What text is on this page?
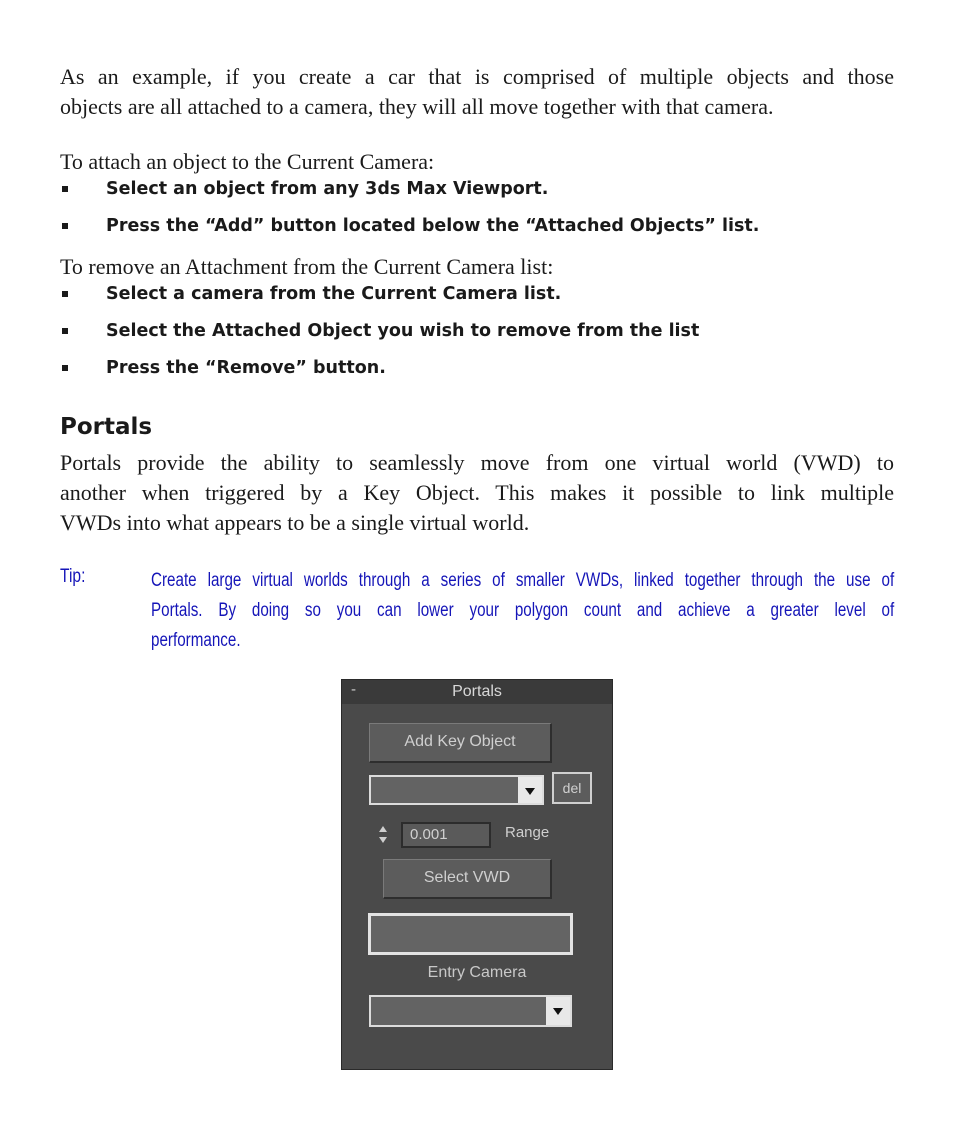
As an example, if you create a car that is comprised of multiple objects and those
objects are all attached to a camera, they will all move together with that camera.

To attach an object to the Current Camera:

Select an object from any 3ds Max Viewport.
Press the “Add” button located below the “Attached Objects” list.

To remove an Attachment from the Current Camera list:

Select a camera from the Current Camera list.
Select the Attached Object you wish to remove from the list
Press the “Remove” button.
Portals

Portals provide the ability to seamlessly move from one virtual world (VWD) to
another when triggered by a Key Object. This makes it possible to link multiple
VWDs into what appears to be a single virtual world.

Tip:	Create large virtual worlds through a series of smaller VWDs, linked together through the use of
Portals. By doing so you can lower your polygon count and achieve a greater level of
performance.
-	Portals
Add Key Object
del
0.001	Range
Select VWD
Entry Camera
